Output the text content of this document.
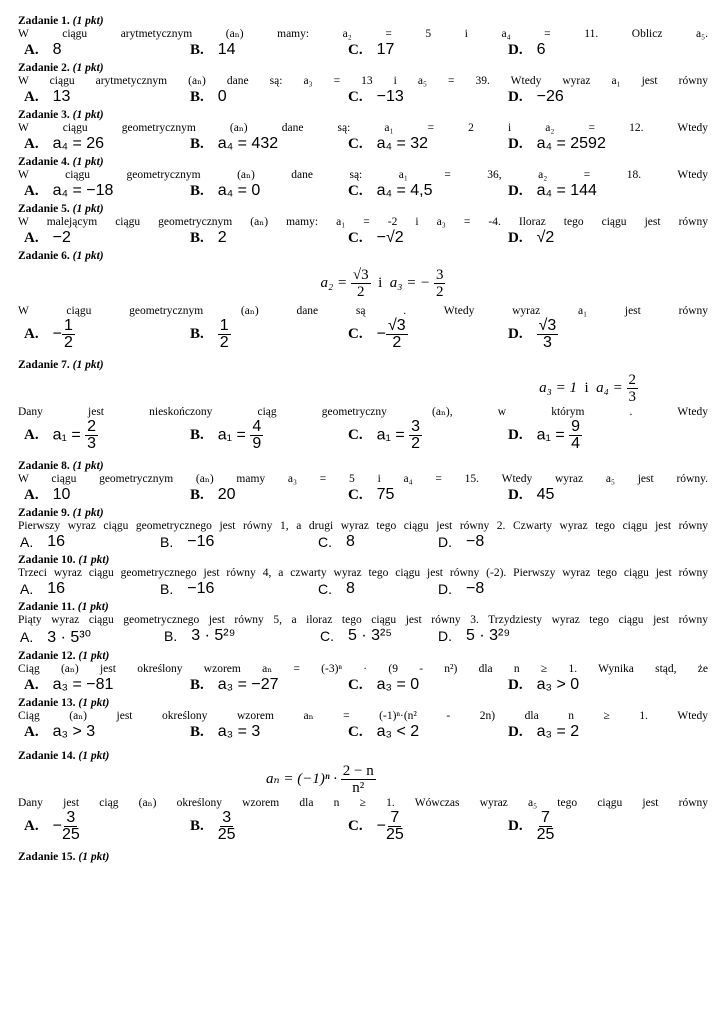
Zadanie 1. (1 pkt)
W ciągu arytmetycznym (aₙ) mamy: a₂ = 5 i a₄ = 11. Oblicz a₅.
A. 8	B. 14	C. 17	D. 6
Zadanie 2. (1 pkt)
W ciągu arytmetycznym (aₙ) dane są: a₃ = 13 i a₅ = 39. Wtedy wyraz a₁ jest równy
A. 13	B. 0	C. −13	D. −26
Zadanie 3. (1 pkt)
W ciągu geometrycznym (aₙ) dane są: a₁ = 2 i a₂ = 12. Wtedy
A. a₄ = 26	B. a₄ = 432	C. a₄ = 32	D. a₄ = 2592
Zadanie 4. (1 pkt)
W ciągu geometrycznym (aₙ) dane są: a₁ = 36, a₂ = 18. Wtedy
A. a₄ = −18	B. a₄ = 0	C. a₄ = 4,5	D. a₄ = 144
Zadanie 5. (1 pkt)
W malejącym ciągu geometrycznym (aₙ) mamy: a₁ = -2 i a₃ = -4. Iloraz tego ciągu jest równy
A. −2	B. 2	C. −√2	D. √2
Zadanie 6. (1 pkt)
$a_2 = \frac{√3}{2}$ i a₃ = − $\frac{3}{2}$
W ciągu geometrycznym (aₙ) dane są . Wtedy wyraz a₁ jest równy
A. − $\frac{1}{2}$	B. $\frac{1}{2}$	C. − $\frac{√3}{2}$	D. $\frac{√3}{3}$
Zadanie 7. (1 pkt)
a₃ = 1 i $a_4 = \frac{2}{3}$
Dany jest nieskończony ciąg geometryczny (aₙ), w którym . Wtedy
A. $a_1 = \frac{2}{3}$	B. $a_1 = \frac{4}{9}$	C. $a_1 = \frac{3}{2}$	D. $a_1 = \frac{9}{4}$
Zadanie 8. (1 pkt)
W ciągu geometrycznym (aₙ) mamy a₃ = 5 i a₄ = 15. Wtedy wyraz a₅ jest równy.
A. 10	B. 20	C. 75	D. 45
Zadanie 9. (1 pkt)
Pierwszy wyraz ciągu geometrycznego jest równy 1, a drugi wyraz tego ciągu jest równy 2. Czwarty wyraz tego ciągu jest równy
A. 16	B. −16	C. 8	D. −8
Zadanie 10. (1 pkt)
Trzeci wyraz ciągu geometrycznego jest równy 4, a czwarty wyraz tego ciągu jest równy (-2). Pierwszy wyraz tego ciągu jest równy
A. 16	B. −16	C. 8	D. −8
Zadanie 11. (1 pkt)
Piąty wyraz ciągu geometrycznego jest równy 5, a iloraz tego ciągu jest równy 3. Trzydziesty wyraz tego ciągu jest równy
A. 3 · 5³⁰	B. 3 · 5²⁹	C. 5 · 3²⁵	D. 5 · 3²⁹
Zadanie 12. (1 pkt)
Ciąg (aₙ) jest określony wzorem aₙ = (-3)ⁿ · (9 - n²) dla n ≥ 1. Wynika stąd, że
A. a₃ = −81	B. a₃ = −27	C. a₃ = 0	D. a₃ > 0
Zadanie 13. (1 pkt)
Ciąg (aₙ) jest określony wzorem aₙ = (-1)ⁿ·(n² - 2n) dla n ≥ 1. Wtedy
A. a₃ > 3	B. a₃ = 3	C. a₃ < 2	D. a₃ = 2
Zadanie 14. (1 pkt)
$a_n = (-1)^n \cdot \frac{2 - n}{\text{n²}}$
Dany jest ciąg (aₙ) określony wzorem dla n ≥ 1. Wówczas wyraz a₅ tego ciągu jest równy
A. − $\frac{3}{25}$	B. $\frac{3}{25}$	C. − $\frac{7}{25}$	D. $\frac{7}{25}$
Zadanie 15. (1 pkt)
